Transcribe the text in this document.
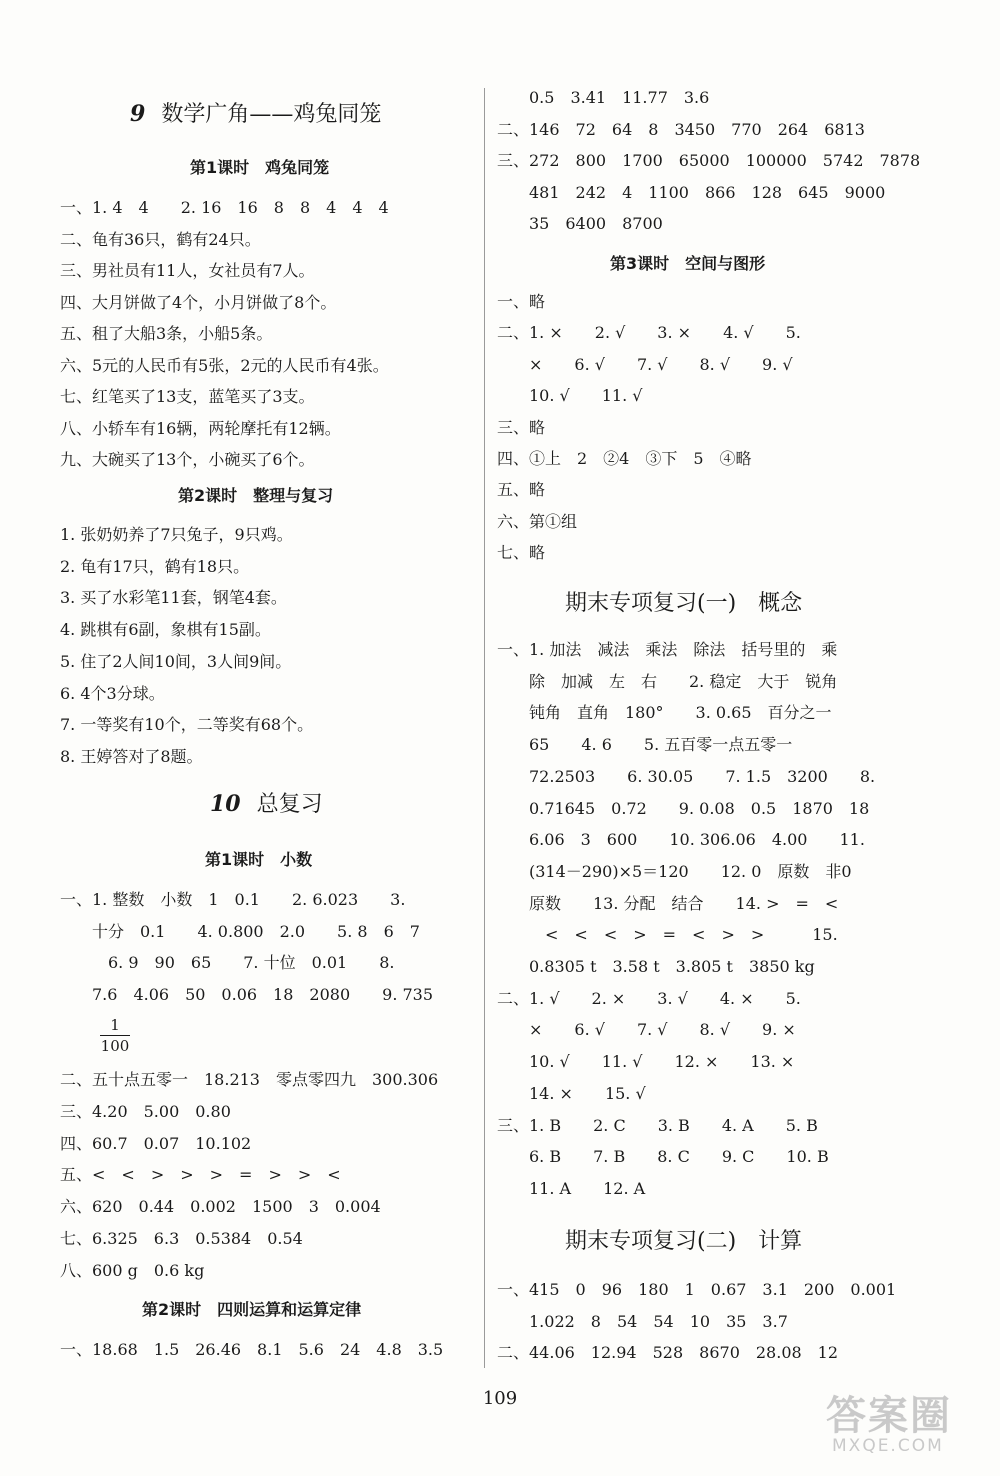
9 数学广角——鸡兔同笼
第1课时　鸡兔同笼
一、1. 4　4　　2. 16　16　8　8　4　4　4
二、龟有36只，鹤有24只。
三、男社员有11人，女社员有7人。
四、大月饼做了4个，小月饼做了8个。
五、租了大船3条，小船5条。
六、5元的人民币有5张，2元的人民币有4张。
七、红笔买了13支，蓝笔买了3支。
八、小轿车有16辆，两轮摩托有12辆。
九、大碗买了13个，小碗买了6个。
第2课时　整理与复习
1. 张奶奶养了7只兔子，9只鸡。
2. 龟有17只，鹤有18只。
3. 买了水彩笔11套，钢笔4套。
4. 跳棋有6副，象棋有15副。
5. 住了2人间10间，3人间9间。
6. 4个3分球。
7. 一等奖有10个，二等奖有68个。
8. 王婷答对了8题。
10 总复习
第1课时　小数
一、1. 整数　小数　1　0.1　　2. 6.023　　3.
　　十分　0.1　　4. 0.800　2.0　　5. 8　6　7
　　　6. 9　90　65　　7. 十位　0.01　　8.
　　7.6　4.06　50　0.06　18　2080　　9. 735
1
100
二、五十点五零一　18.213　零点零四九　300.306
三、4.20　5.00　0.80
四、60.7　0.07　10.102
五、<　<　>　>　>　=　>　>　<
六、620　0.44　0.002　1500　3　0.004
七、6.325　6.3　0.5384　0.54
八、600 g　0.6 kg
第2课时　四则运算和运算定律
一、18.68　1.5　26.46　8.1　5.6　24　4.8　3.5
　　0.5　3.41　11.77　3.6
二、146　72　64　8　3450　770　264　6813
三、272　800　1700　65000　100000　5742　7878
　　481　242　4　1100　866　128　645　9000
　　35　6400　8700
第3课时　空间与图形
一、略
二、1. ×　　2. √　　3. ×　　4. √　　5.
　　×　　6. √　　7. √　　8. √　　9. √
　　10. √　　11. √
三、略
四、①上　2　②4　③下　5　④略
五、略
六、第①组
七、略
期末专项复习(一)　概念
一、1. 加法　减法　乘法　除法　括号里的　乘
　　除　加减　左　右　　2. 稳定　大于　锐角
　　钝角　直角　180°　　3. 0.65　百分之一
　　65　　4. 6　　5. 五百零一点五零一
　　72.2503　　6. 30.05　　7. 1.5　3200　　8.
　　0.71645　0.72　　9. 0.08　0.5　1870　18
　　6.06　3　600　　10. 306.06　4.00　　11.
　　(314－290)×5＝120　　12. 0　原数　非0
　　原数　　13. 分配　结合　　14. >　=　<
　　　<　<　<　>　=　<　>　>　　　15.
　　0.8305 t　3.58 t　3.805 t　3850 kg
二、1. √　　2. ×　　3. √　　4. ×　　5.
　　×　　6. √　　7. √　　8. √　　9. ×
　　10. √　　11. √　　12. ×　　13. ×
　　14. ×　　15. √
三、1. B　　2. C　　3. B　　4. A　　5. B
　　6. B　　7. B　　8. C　　9. C　　10. B
　　11. A　　12. A
期末专项复习(二)　计算
一、415　0　96　180　1　0.67　3.1　200　0.001
　　1.022　8　54　54　10　35　3.7
二、44.06　12.94　528　8670　28.08　12
109	答案圈
MXQE.COM
